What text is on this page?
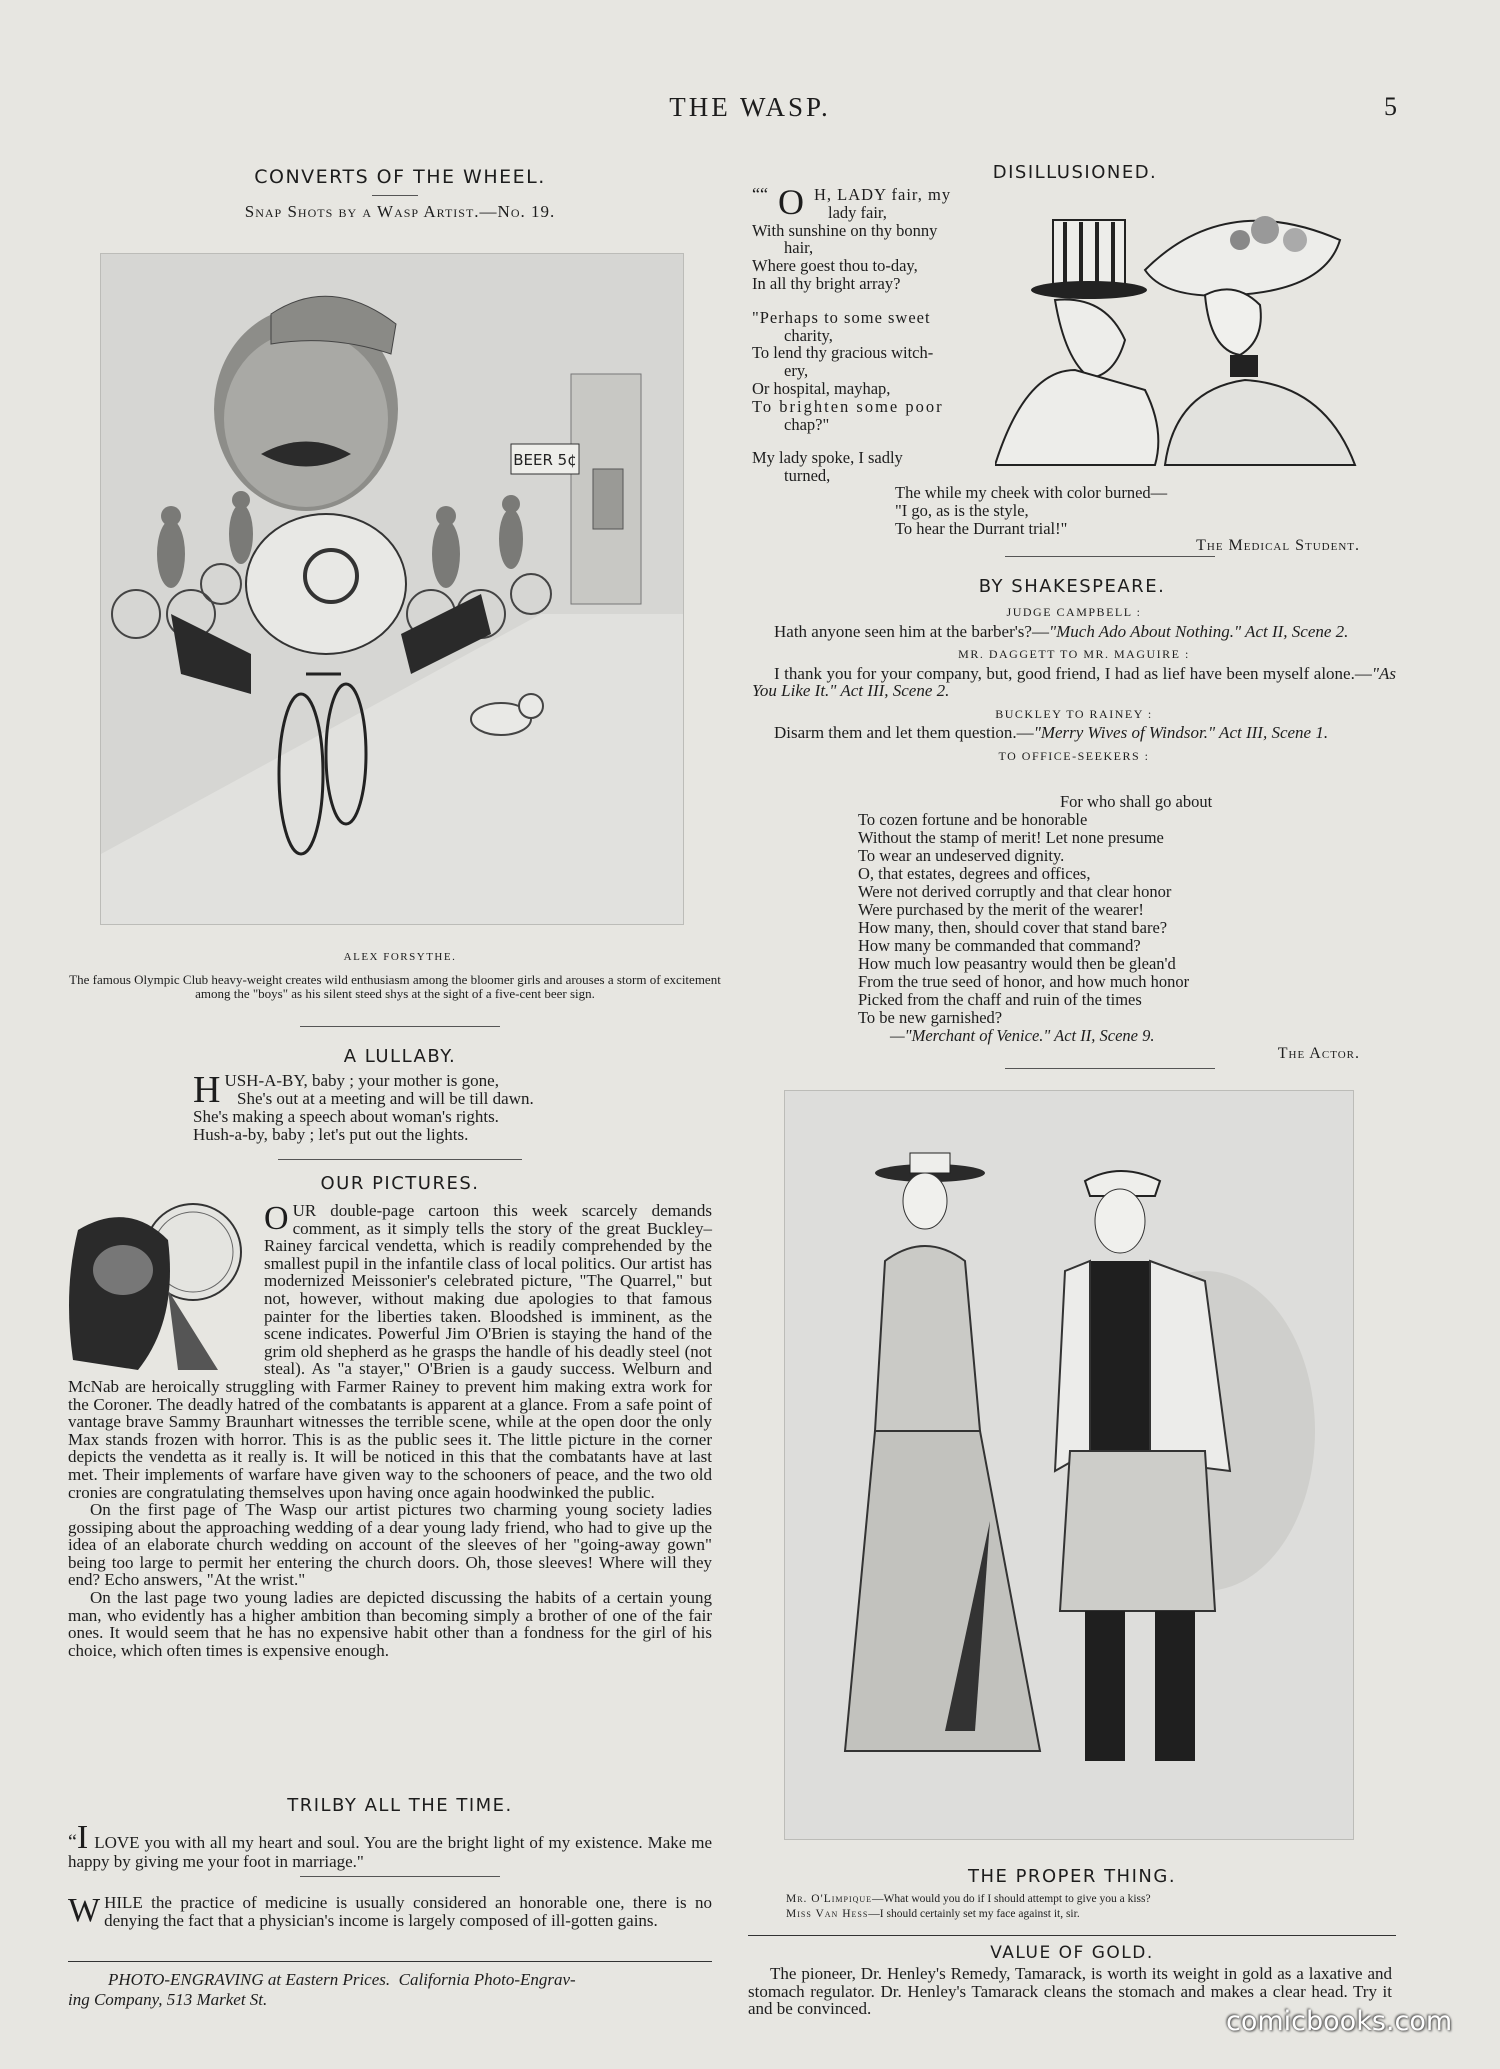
THE WASP.	5
CONVERTS OF THE WHEEL.
Snap Shots by a Wasp Artist.—No. 19.
BEER 5¢
ALEX FORSYTHE.
The famous Olympic Club heavy-weight creates wild enthusiasm among the bloomer girls and arouses a storm of excitement among the "boys" as his silent steed shys at the sight of a five-cent beer sign.
A LULLABY.
H USH-A-BY, baby ; your mother is gone,
She's out at a meeting and will be till dawn.
She's making a speech about woman's rights.
Hush-a-by, baby ; let's put out the lights.
OUR PICTURES.

OUR double-page cartoon this week scarcely demands comment, as it simply tells the story of the great Buckley–Rainey farcical vendetta, which is readily comprehended by the smallest pupil in the infantile class of local politics. Our artist has modernized Meissonier's celebrated picture, "The Quarrel," but not, however, without making due apologies to that famous painter for the liberties taken. Bloodshed is imminent, as the scene indicates. Powerful Jim O'Brien is staying the hand of the grim old shepherd as he grasps the handle of his deadly steel (not steal). As "a stayer," O'Brien is a gaudy success. Welburn and McNab are heroically struggling with Farmer Rainey to prevent him making extra work for the Coroner. The deadly hatred of the combatants is apparent at a glance. From a safe point of vantage brave Sammy Braunhart witnesses the terrible scene, while at the open door the only Max stands frozen with horror. This is as the public sees it. The little picture in the corner depicts the vendetta as it really is. It will be noticed in this that the combatants have at last met. Their implements of warfare have given way to the schooners of peace, and the two old cronies are congratulating themselves upon having once again hoodwinked the public.

On the first page of The Wasp our artist pictures two charming young society ladies gossiping about the approaching wedding of a dear young lady friend, who had to give up the idea of an elaborate church wedding on account of the sleeves of her "going-away gown" being too large to permit her entering the church doors. Oh, those sleeves! Where will they end? Echo answers, "At the wrist."

On the last page two young ladies are depicted discussing the habits of a certain young man, who evidently has a higher ambition than becoming simply a brother of one of the fair ones. It would seem that he has no expensive habit other than a fondness for the girl of his choice, which often times is expensive enough.

TRILBY ALL THE TIME.
“I LOVE you with all my heart and soul. You are the bright light of my existence. Make me happy by giving me your foot in marriage."
WHILE the practice of medicine is usually considered an honorable one, there is no denying the fact that a physician's income is largely composed of ill-gotten gains.
PHOTO-ENGRAVING at Eastern Prices.  California Photo-Engrav-
ing Company, 513 Market St.
DISILLUSIONED.
““ O H, LADY fair, my
lady fair,
With sunshine on thy bonny
hair,
Where goest thou to-day,
In all thy bright array?
"Perhaps to some sweet
charity,
To lend thy gracious witch-
ery,
Or hospital, mayhap,
To brighten some poor
chap?"
My lady spoke, I sadly
turned,
The while my cheek with color burned—
"I go, as is the style,
To hear the Durrant trial!"
The Medical Student.
BY SHAKESPEARE.
JUDGE CAMPBELL :

Hath anyone seen him at the barber's?—"Much Ado About Nothing." Act II, Scene 2.

MR. DAGGETT TO MR. MAGUIRE :

I thank you for your company, but, good friend, I had as lief have been myself alone.—"As You Like It." Act III, Scene 2.

BUCKLEY TO RAINEY :

Disarm them and let them question.—"Merry Wives of Windsor." Act III, Scene 1.

TO OFFICE-SEEKERS :
For who shall go about
To cozen fortune and be honorable
Without the stamp of merit! Let none presume
To wear an undeserved dignity.
O, that estates, degrees and offices,
Were not derived corruptly and that clear honor
Were purchased by the merit of the wearer!
How many, then, should cover that stand bare?
How many be commanded that command?
How much low peasantry would then be glean'd
From the true seed of honor, and how much honor
Picked from the chaff and ruin of the times
To be new garnished?
—"Merchant of Venice." Act II, Scene 9.
The Actor.
THE PROPER THING.
Mr. O'Limpique—What would you do if I should attempt to give you a kiss?
Miss Van Hess—I should certainly set my face against it, sir.
VALUE OF GOLD.

The pioneer, Dr. Henley's Remedy, Tamarack, is worth its weight in gold as a laxative and stomach regulator. Dr. Henley's Tamarack cleans the stomach and makes a clear head. Try it and be convinced.	comicbooks.com
